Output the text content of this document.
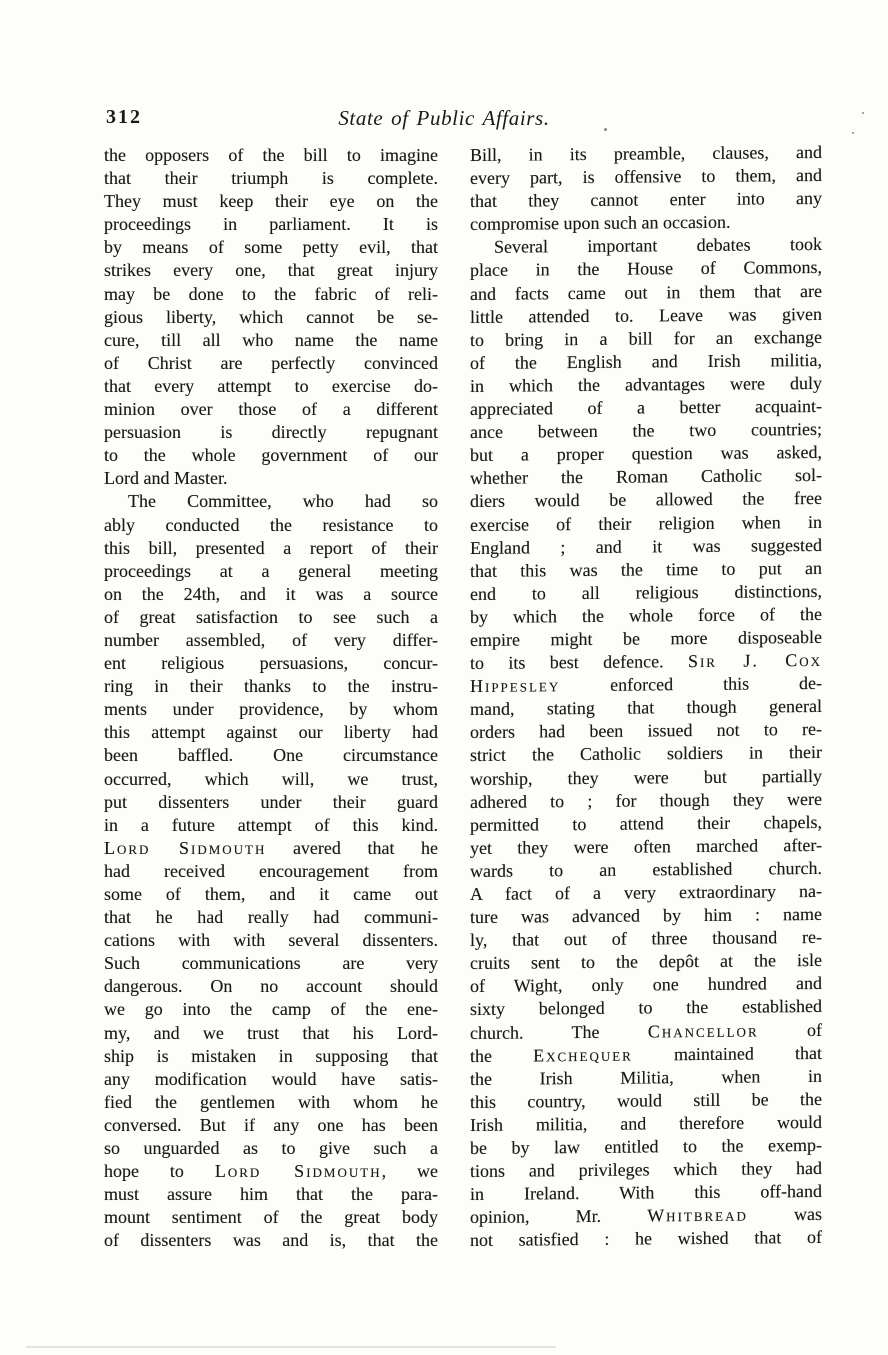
312	State of Public Affairs.
the opposers of the bill to imagine
that their triumph is complete.
They must keep their eye on the
proceedings in parliament. It is
by means of some petty evil, that
strikes every one, that great injury
may be done to the fabric of reli-
gious liberty, which cannot be se-
cure, till all who name the name
of Christ are perfectly convinced
that every attempt to exercise do-
minion over those of a different
persuasion is directly repugnant
to the whole government of our
Lord and Master.
The Committee, who had so
ably conducted the resistance to
this bill, presented a report of their
proceedings at a general meeting
on the 24th, and it was a source
of great satisfaction to see such a
number assembled, of very differ-
ent religious persuasions, concur-
ring in their thanks to the instru-
ments under providence, by whom
this attempt against our liberty had
been baffled. One circumstance
occurred, which will, we trust,
put dissenters under their guard
in a future attempt of this kind.
Lord Sidmouth avered that he
had received encouragement from
some of them, and it came out
that he had really had communi-
cations with with several dissenters.
Such communications are very
dangerous. On no account should
we go into the camp of the ene-
my, and we trust that his Lord-
ship is mistaken in supposing that
any modification would have satis-
fied the gentlemen with whom he
conversed. But if any one has been
so unguarded as to give such a
hope to Lord Sidmouth, we
must assure him that the para-
mount sentiment of the great body
of dissenters was and is, that the
Bill, in its preamble, clauses, and
every part, is offensive to them, and
that they cannot enter into any
compromise upon such an occasion.
Several important debates took
place in the House of Commons,
and facts came out in them that are
little attended to. Leave was given
to bring in a bill for an exchange
of the English and Irish militia,
in which the advantages were duly
appreciated of a better acquaint-
ance between the two countries;
but a proper question was asked,
whether the Roman Catholic sol-
diers would be allowed the free
exercise of their religion when in
England ; and it was suggested
that this was the time to put an
end to all religious distinctions,
by which the whole force of the
empire might be more disposeable
to its best defence. Sir J. Cox
Hippesley enforced this de-
mand, stating that though general
orders had been issued not to re-
strict the Catholic soldiers in their
worship, they were but partially
adhered to ; for though they were
permitted to attend their chapels,
yet they were often marched after-
wards to an established church.
A fact of a very extraordinary na-
ture was advanced by him : name
ly, that out of three thousand re-
cruits sent to the depôt at the isle
of Wight, only one hundred and
sixty belonged to the established
church. The Chancellor of
the Exchequer maintained that
the Irish Militia, when in
this country, would still be the
Irish militia, and therefore would
be by law entitled to the exemp-
tions and privileges which they had
in Ireland. With this off-hand
opinion, Mr. Whitbread was
not satisfied : he wished that of
